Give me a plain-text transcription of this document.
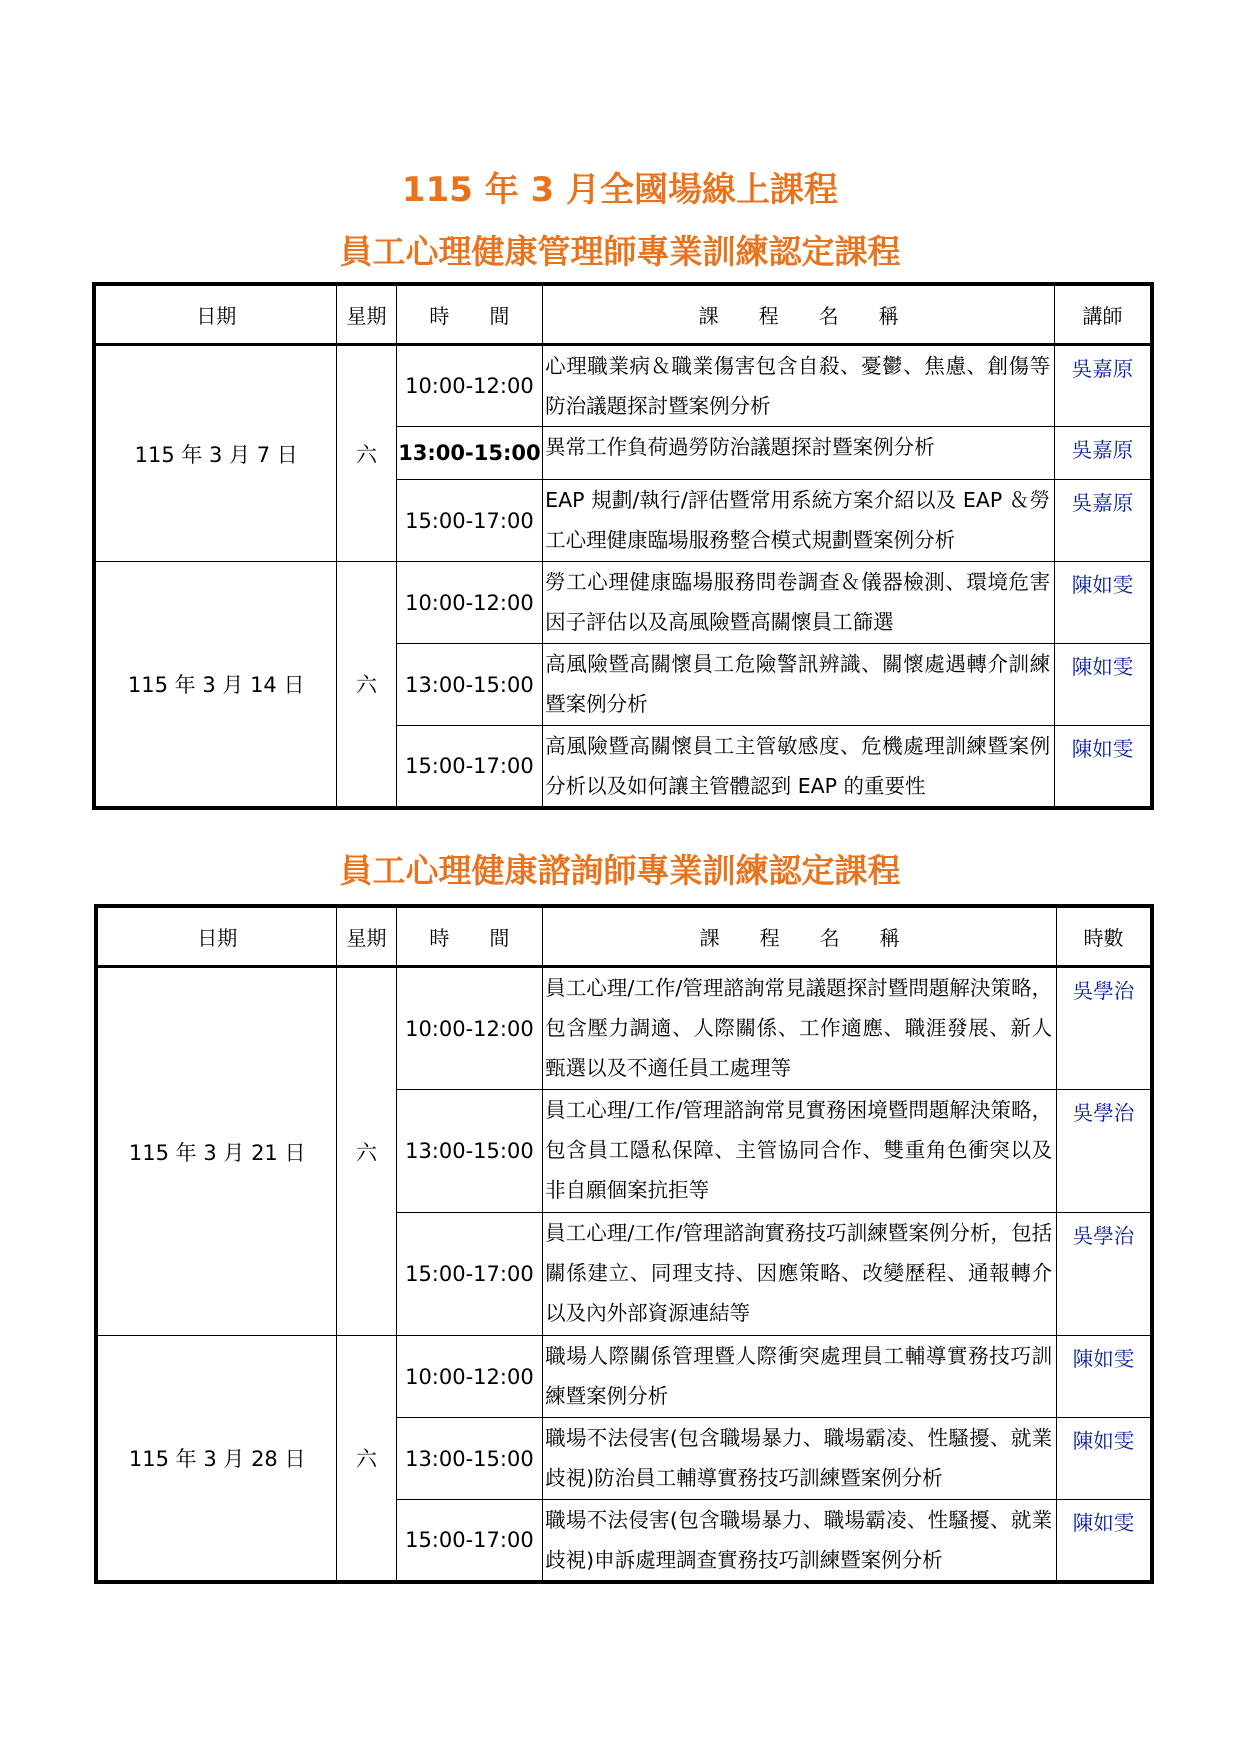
115 年 3 月全國場線上課程
員工心理健康管理師專業訓練認定課程
日期	星期	時　　間	課　　程　　名　　稱	講師
115 年 3 月 7 日	六	10:00-12:00	心理職業病＆職業傷害包含自殺、憂鬱、焦慮、創傷等防治議題探討暨案例分析	吳嘉原
		13:00-15:00	異常工作負荷過勞防治議題探討暨案例分析	吳嘉原
		15:00-17:00	EAP 規劃/執行/評估暨常用系統方案介紹以及 EAP ＆勞工心理健康臨場服務整合模式規劃暨案例分析	吳嘉原
115 年 3 月 14 日	六	10:00-12:00	勞工心理健康臨場服務問卷調查＆儀器檢測、環境危害因子評估以及高風險暨高關懷員工篩選	陳如雯
		13:00-15:00	高風險暨高關懷員工危險警訊辨識、關懷處遇轉介訓練暨案例分析	陳如雯
		15:00-17:00	高風險暨高關懷員工主管敏感度、危機處理訓練暨案例分析以及如何讓主管體認到 EAP 的重要性	陳如雯
員工心理健康諮詢師專業訓練認定課程
日期	星期	時　　間	課　　程　　名　　稱	時數
115 年 3 月 21 日	六	10:00-12:00	員工心理/工作/管理諮詢常見議題探討暨問題解決策略，包含壓力調適、人際關係、工作適應、職涯發展、新人甄選以及不適任員工處理等	吳學治
		13:00-15:00	員工心理/工作/管理諮詢常見實務困境暨問題解決策略，包含員工隱私保障、主管協同合作、雙重角色衝突以及非自願個案抗拒等	吳學治
		15:00-17:00	員工心理/工作/管理諮詢實務技巧訓練暨案例分析，包括關係建立、同理支持、因應策略、改變歷程、通報轉介以及內外部資源連結等	吳學治
115 年 3 月 28 日	六	10:00-12:00	職場人際關係管理暨人際衝突處理員工輔導實務技巧訓練暨案例分析	陳如雯
		13:00-15:00	職場不法侵害(包含職場暴力、職場霸凌、性騷擾、就業歧視)防治員工輔導實務技巧訓練暨案例分析	陳如雯
		15:00-17:00	職場不法侵害(包含職場暴力、職場霸凌、性騷擾、就業歧視)申訴處理調查實務技巧訓練暨案例分析	陳如雯
